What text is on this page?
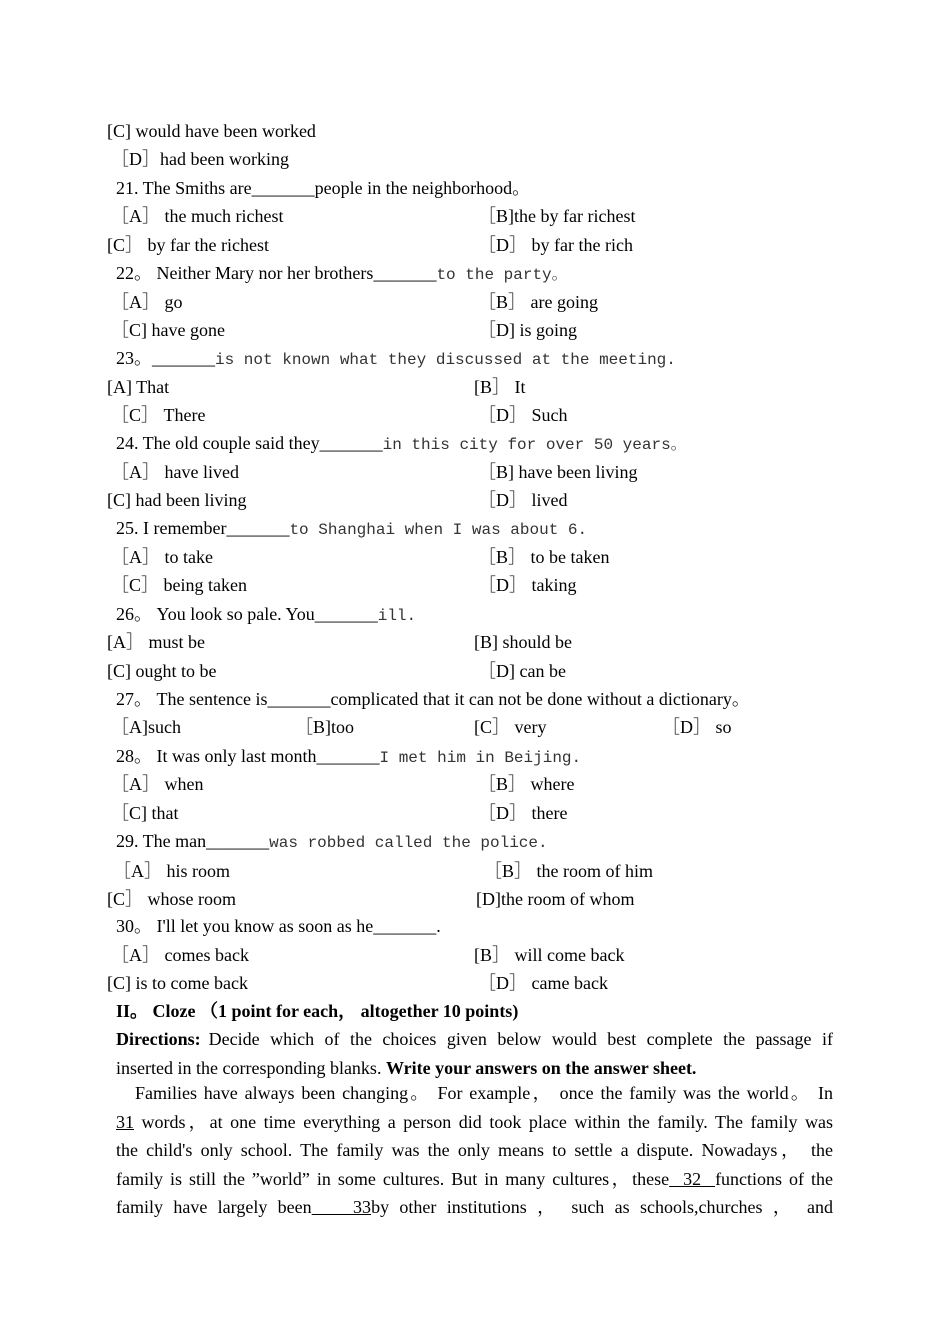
[C] would have been worked
［D］had been working
21. The Smiths are_______people in the neighborhood。
［A］ the much richest	［B]the by far richest
[C］ by far the richest	［D］ by far the rich
22。 Neither Mary nor her brothers_______to the party。
［A］ go	［B］ are going
［C] have gone	［D] is going
23。_______is not known what they discussed at the meeting.
[A] That	[B］ It
［C］ There	［D］ Such
24. The old couple said they_______in this city for over 50 years。
［A］ have lived	［B] have been living
[C] had been living	［D］ lived
25. I remember_______to Shanghai when I was about 6.
［A］ to take	［B］ to be taken
［C］ being taken	［D］ taking
26。 You look so pale. You_______ill.
[A］ must be	[B] should be
[C] ought to be	［D] can be
27。 The sentence is_______complicated that it can not be done without a dictionary。
［A]such	［B]too	[C］ very	［D］ so
28。 It was only last month_______I met him in Beijing.
［A］ when	［B］ where
［C] that	［D］ there
29. The man_______was robbed called the police.
［A］ his room	［B］ the room of him
[C］ whose room	[D]the room of whom
30。 I'll let you know as soon as he_______.
［A］ comes back	[B］ will come back
[C] is to come back	［D］ came back
II。 Cloze （1 point for each， altogether 10 points)
Directions: Decide which of the choices given below would best complete the passage if
inserted in the corresponding blanks. Write your answers on the answer sheet.
Families have always been changing。 For example， once the family was the world。 In
31 words，at one time everything a person did took place within the family. The family was
the child's only school. The family was the only means to settle a dispute. Nowadays， the
family is still the ”world” in some cultures. But in many cultures，these  32  functions of the
family have largely been    33by other institutions ， such as schools,churches ， and
